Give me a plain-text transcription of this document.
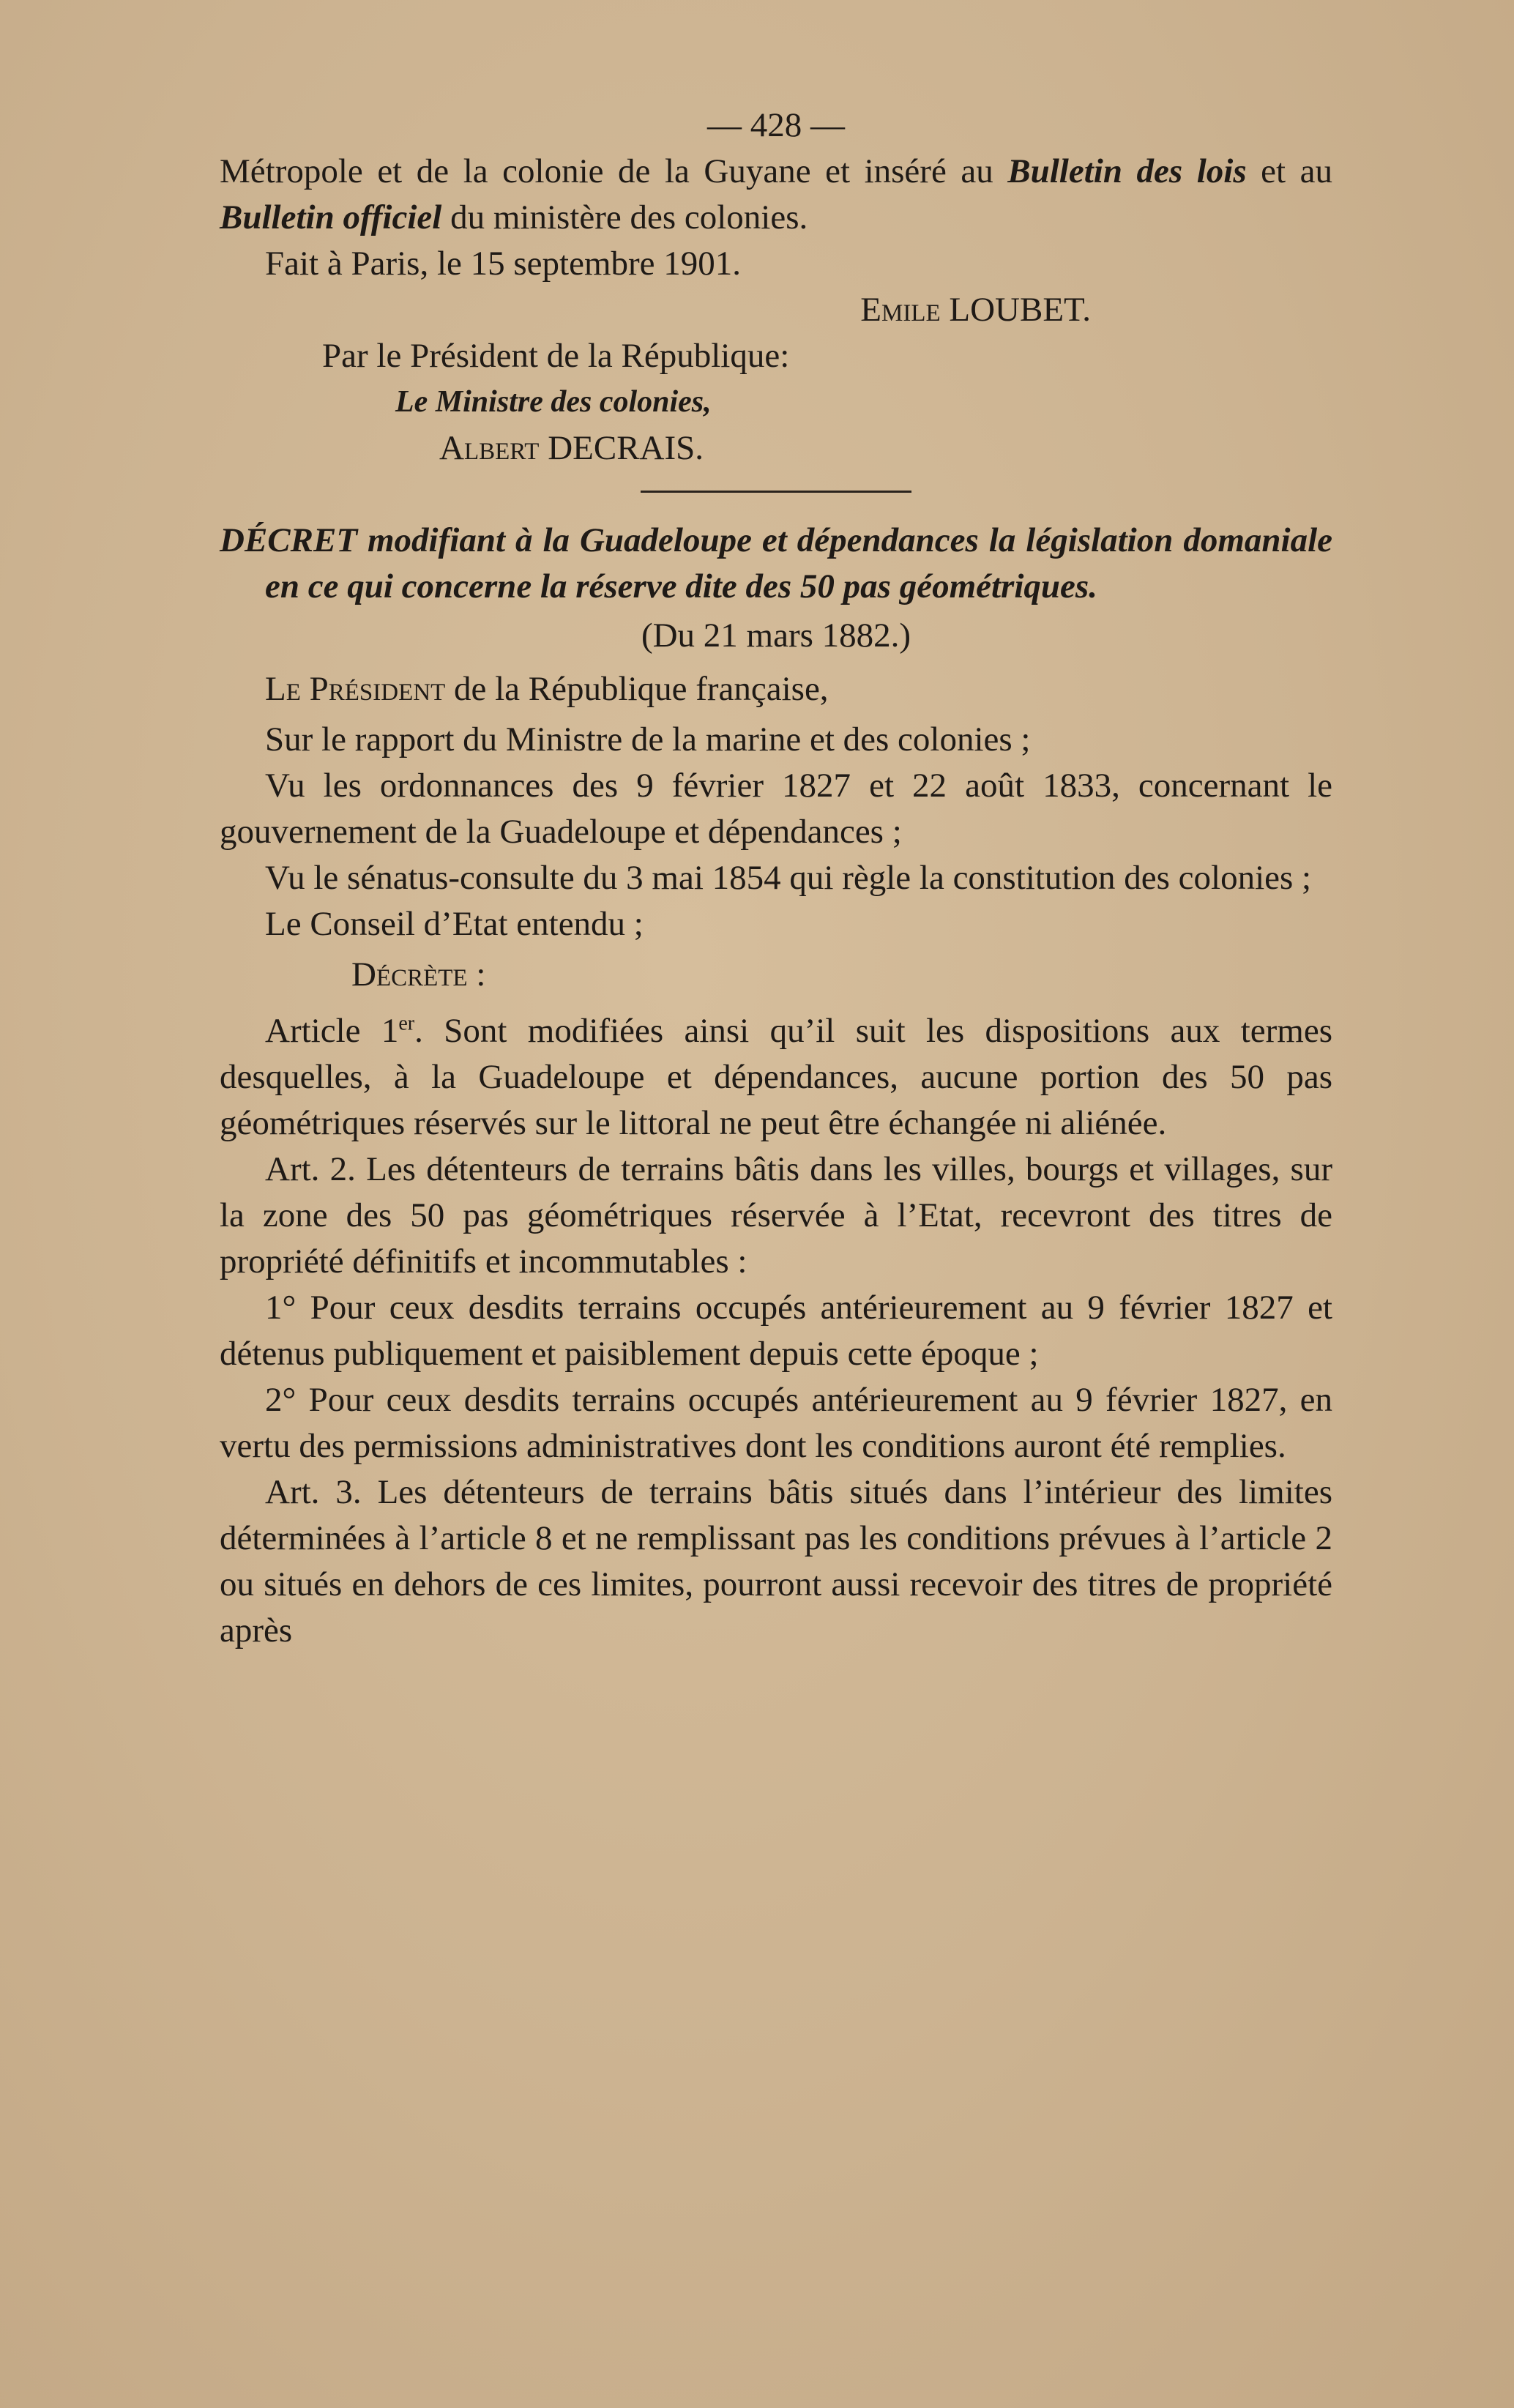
— 428 —

Métropole et de la colonie de la Guyane et inséré au Bulletin des lois et au Bulletin officiel du ministère des colonies.

Fait à Paris, le 15 septembre 1901.

Emile LOUBET.

Par le Président de la République:

Le Ministre des colonies,

Albert DECRAIS.

DÉCRET modifiant à la Guadeloupe et dépendances la législation domaniale en ce qui concerne la réserve dite des 50 pas géométriques.

(Du 21 mars 1882.)

Le Président de la République française,

Sur le rapport du Ministre de la marine et des colonies ;

Vu les ordonnances des 9 février 1827 et 22 août 1833, concernant le gouvernement de la Guadeloupe et dépendances ;

Vu le sénatus-consulte du 3 mai 1854 qui règle la constitution des colonies ;

Le Conseil d’Etat entendu ;

Décrète :

Article 1er. Sont modifiées ainsi qu’il suit les dispositions aux termes desquelles, à la Guadeloupe et dépendances, aucune portion des 50 pas géométriques réservés sur le littoral ne peut être échangée ni aliénée.

Art. 2. Les détenteurs de terrains bâtis dans les villes, bourgs et villages, sur la zone des 50 pas géométriques réservée à l’Etat, recevront des titres de propriété définitifs et incommutables :

1° Pour ceux desdits terrains occupés antérieurement au 9 février 1827 et détenus publiquement et paisiblement depuis cette époque ;

2° Pour ceux desdits terrains occupés antérieurement au 9 février 1827, en vertu des permissions administratives dont les conditions auront été remplies.

Art. 3. Les détenteurs de terrains bâtis situés dans l’intérieur des limites déterminées à l’article 8 et ne remplissant pas les conditions prévues à l’article 2 ou situés en dehors de ces limites, pourront aussi recevoir des titres de propriété après
